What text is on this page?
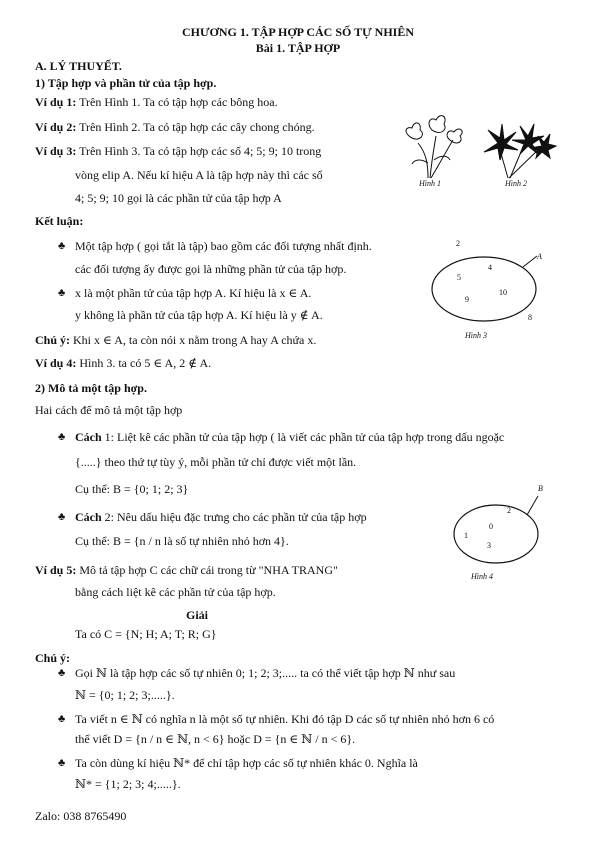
CHƯƠNG 1. TẬP HỢP CÁC SỐ TỰ NHIÊN
Bài 1. TẬP HỢP
A. LÝ THUYẾT.
1) Tập hợp và phần tử của tập hợp.
Ví dụ 1: Trên Hình 1. Ta có tập hợp các bông hoa.
Ví dụ 2: Trên Hình 2. Ta có tập hợp các cây chong chóng.
Ví dụ 3: Trên Hình 3. Ta có tập hợp các số 4; 5; 9; 10 trong
vòng elip A. Nếu kí hiệu A là tập hợp này thì các số
4; 5; 9; 10 gọi là các phần tử của tập hợp A
Kết luận:
♣ Một tập hợp ( gọi tắt là tập) bao gồm các đối tượng nhất định.
các đối tượng ấy được gọi là những phần tử của tập hợp.
♣ x là một phần tử của tập hợp A. Kí hiệu là x ∈ A.
y không là phần tử của tập hợp A. Kí hiệu là y ∉ A.
Chú ý: Khi x ∈ A, ta còn nói x nằm trong A hay A chứa x.
Ví dụ 4: Hình 3. ta có 5 ∈ A, 2 ∉ A.
Hình 1	Hình 2
A
2
4
5
9
10
8
Hình 3
2) Mô tả một tập hợp.
Hai cách để mô tả một tập hợp
♣ Cách 1: Liệt kê các phần tử của tập hợp ( là viết các phần tử của tập hợp trong dấu ngoặc
{.....} theo thứ tự tùy ý, mỗi phần tử chỉ được viết một lần.
Cụ thể: B = {0; 1; 2; 3}
♣ Cách 2: Nêu dấu hiệu đặc trưng cho các phần tử của tập hợp
Cụ thể: B = {n / n là số tự nhiên nhỏ hơn 4}.
B
2
0
1
3
Hình 4
Ví dụ 5: Mô tả tập hợp C các chữ cái trong từ "NHA TRANG"
bằng cách liệt kê các phần tử của tập hợp.
Giải
Ta có C = {N; H; A; T; R; G}
Chú ý:
♣ Gọi ℕ là tập hợp các số tự nhiên 0; 1; 2; 3;..... ta có thể viết tập hợp ℕ như sau
ℕ = {0; 1; 2; 3;.....}.
♣ Ta viết n ∈ ℕ có nghĩa n là một số tự nhiên. Khi đó tập D các số tự nhiên nhỏ hơn 6 có
thể viết D = {n / n ∈ ℕ, n < 6} hoặc D = {n ∈ ℕ / n < 6}.
♣ Ta còn dùng kí hiệu ℕ* để chỉ tập hợp các số tự nhiên khác 0. Nghĩa là
ℕ* = {1; 2; 3; 4;.....}.
Zalo: 038 8765490
